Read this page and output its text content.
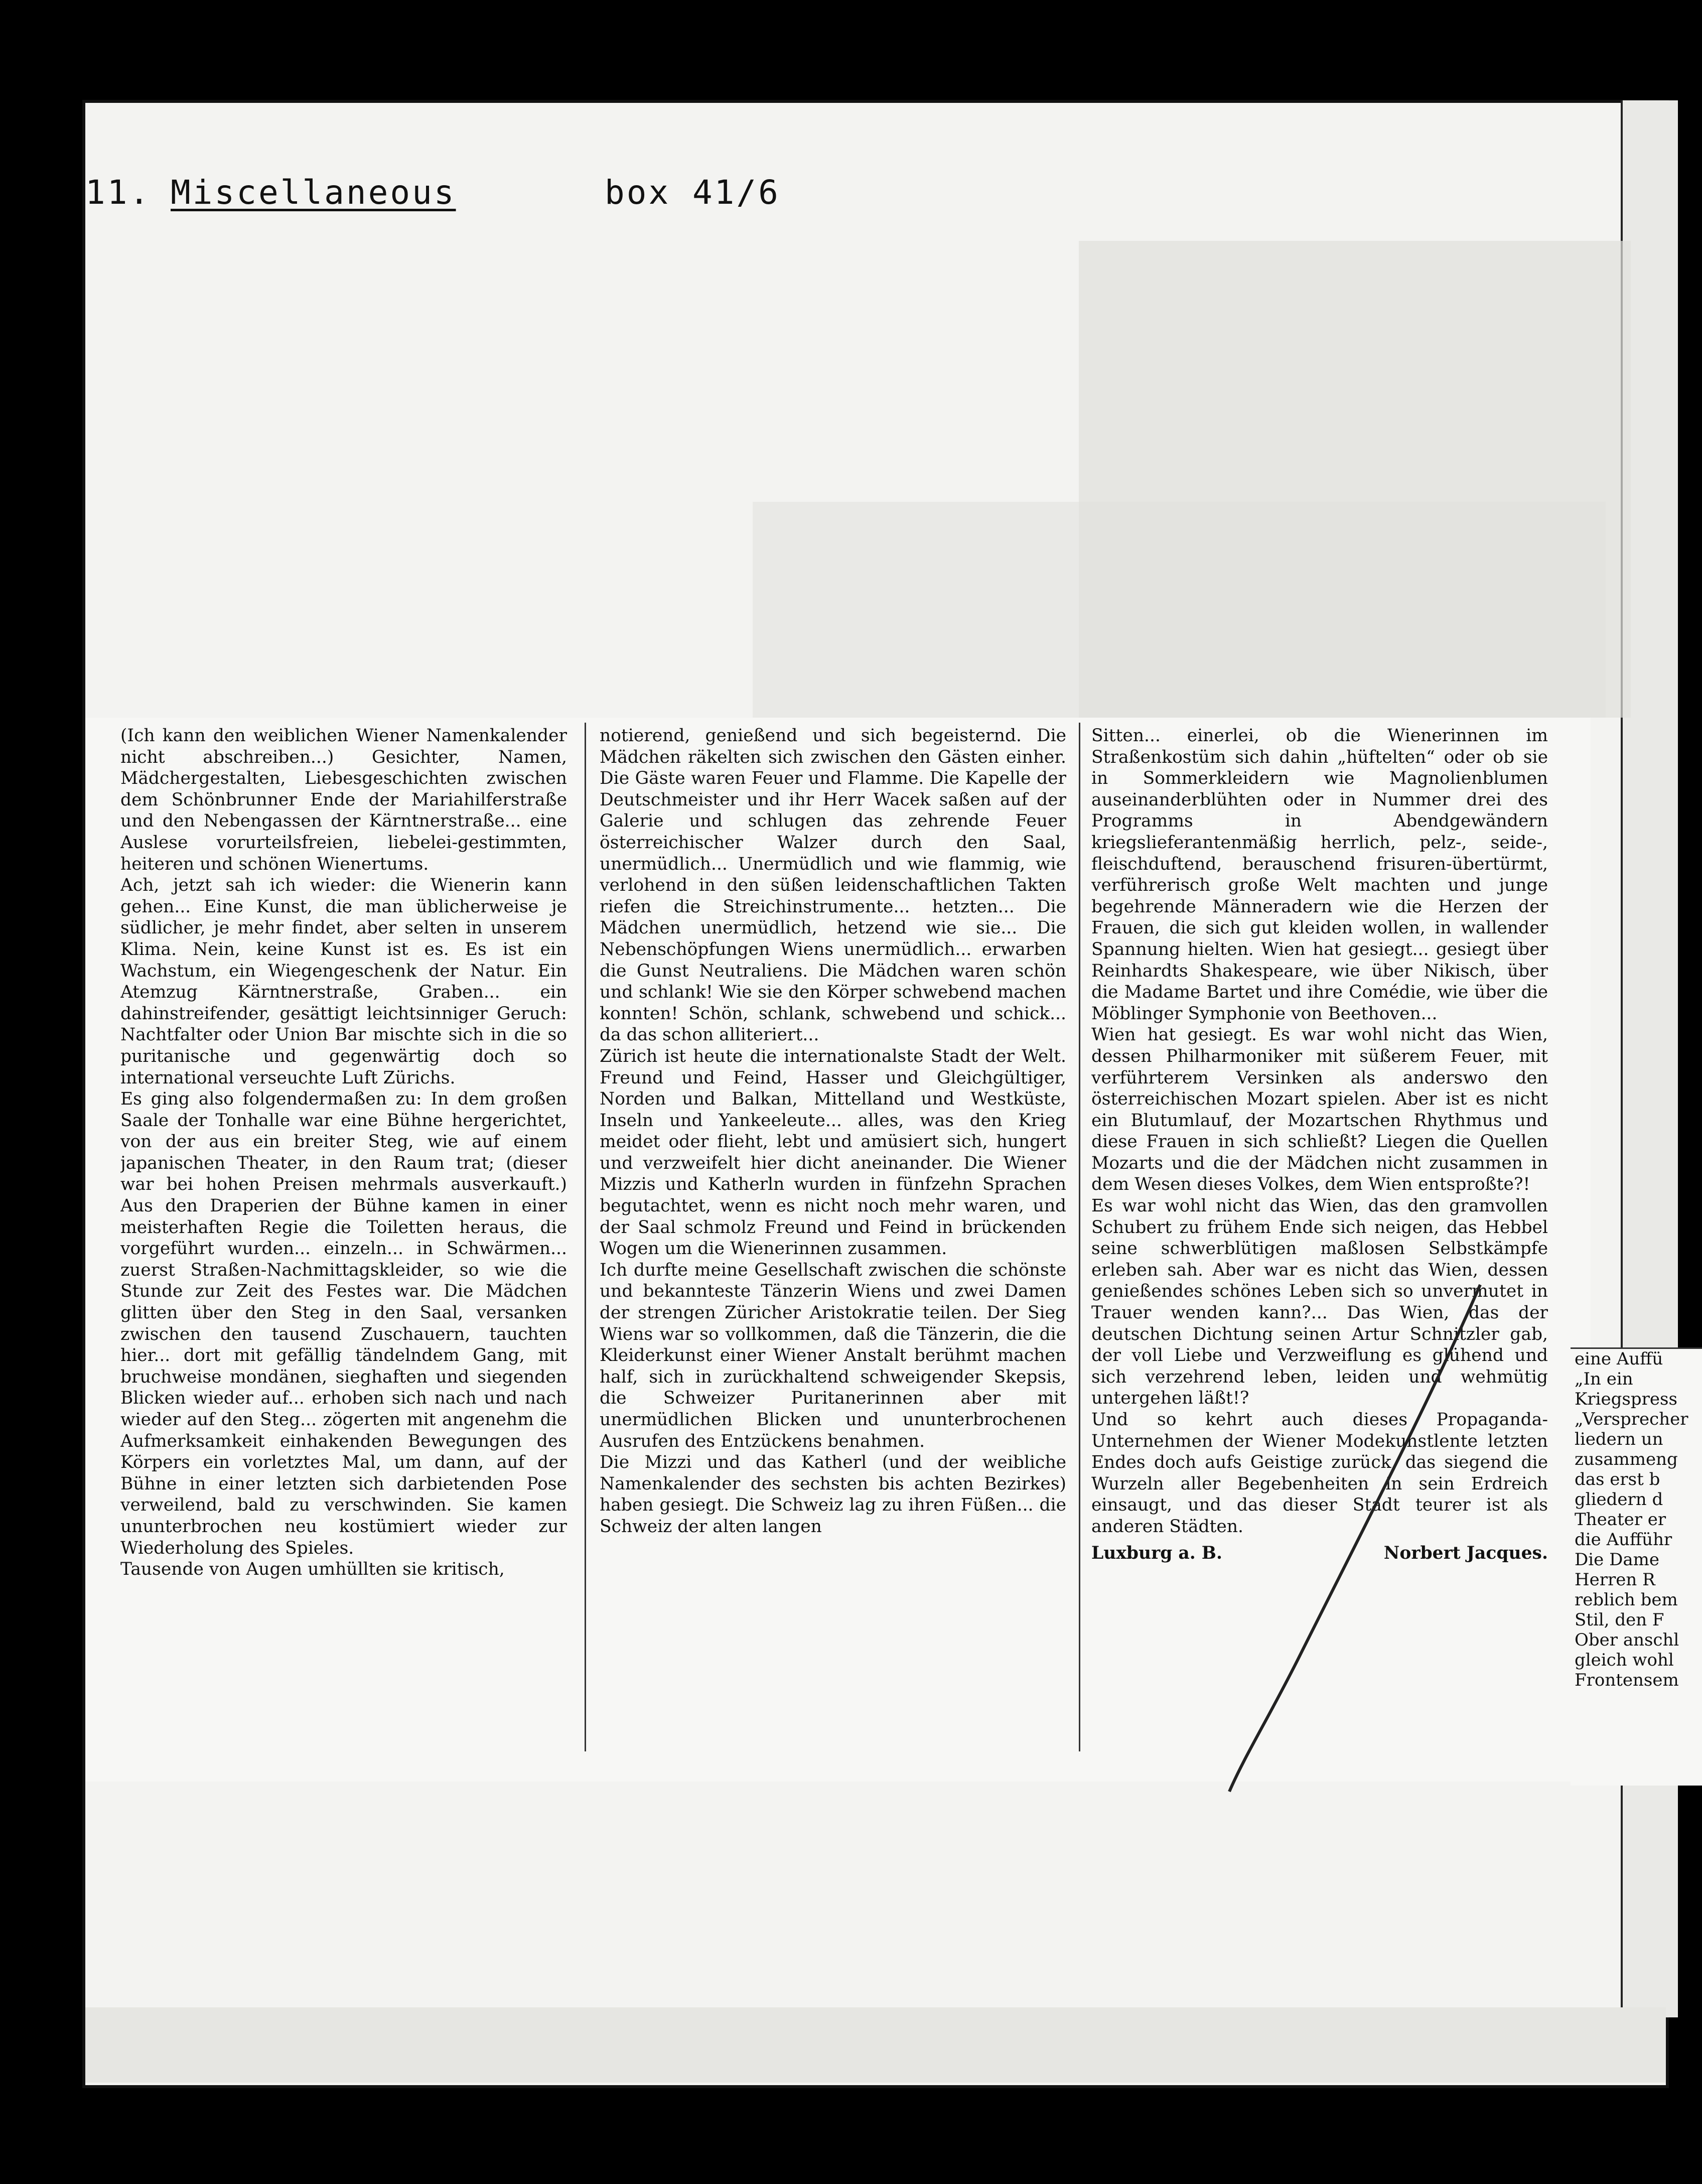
11. Miscellaneous	box 41/6

(Ich kann den weiblichen Wiener Namenkalender nicht abschreiben...) Gesichter, Namen, Mädchergestalten, Liebesgeschichten zwischen dem Schönbrunner Ende der Mariahilferstraße und den Nebengassen der Kärntnerstraße... eine Auslese vorurteilsfreien, liebelei-gestimmten, heiteren und schönen Wienertums.

Ach, jetzt sah ich wieder: die Wienerin kann gehen... Eine Kunst, die man üblicherweise je südlicher, je mehr findet, aber selten in unserem Klima. Nein, keine Kunst ist es. Es ist ein Wachstum, ein Wiegengeschenk der Natur. Ein Atemzug Kärntnerstraße, Graben... ein dahinstreifender, gesättigt leichtsinniger Geruch: Nachtfalter oder Union Bar mischte sich in die so puritanische und gegenwärtig doch so international verseuchte Luft Zürichs.

Es ging also folgendermaßen zu: In dem großen Saale der Tonhalle war eine Bühne hergerichtet, von der aus ein breiter Steg, wie auf einem japanischen Theater, in den Raum trat; (dieser war bei hohen Preisen mehrmals ausverkauft.) Aus den Draperien der Bühne kamen in einer meisterhaften Regie die Toiletten heraus, die vorgeführt wurden... einzeln... in Schwärmen... zuerst Straßen-Nachmittagskleider, so wie die Stunde zur Zeit des Festes war. Die Mädchen glitten über den Steg in den Saal, versanken zwischen den tausend Zuschauern, tauchten hier... dort mit gefällig tändelndem Gang, mit bruchweise mondänen, sieghaften und siegenden Blicken wieder auf... erhoben sich nach und nach wieder auf den Steg... zögerten mit angenehm die Aufmerksamkeit einhakenden Bewegungen des Körpers ein vorletztes Mal, um dann, auf der Bühne in einer letzten sich darbietenden Pose verweilend, bald zu verschwinden. Sie kamen ununterbrochen neu kostümiert wieder zur Wiederholung des Spieles.

Tausende von Augen umhüllten sie kritisch,

notierend, genießend und sich begeisternd. Die Mädchen räkelten sich zwischen den Gästen einher. Die Gäste waren Feuer und Flamme. Die Kapelle der Deutschmeister und ihr Herr Wacek saßen auf der Galerie und schlugen das zehrende Feuer österreichischer Walzer durch den Saal, unermüdlich... Unermüdlich und wie flammig, wie verlohend in den süßen leidenschaftlichen Takten riefen die Streichinstrumente... hetzten... Die Mädchen unermüdlich, hetzend wie sie... Die Nebenschöpfungen Wiens unermüdlich... erwarben die Gunst Neutraliens. Die Mädchen waren schön und schlank! Wie sie den Körper schwebend machen konnten! Schön, schlank, schwebend und schick... da das schon alliteriert...

Zürich ist heute die internationalste Stadt der Welt. Freund und Feind, Hasser und Gleichgültiger, Norden und Balkan, Mittelland und Westküste, Inseln und Yankeeleute... alles, was den Krieg meidet oder flieht, lebt und amüsiert sich, hungert und verzweifelt hier dicht aneinander. Die Wiener Mizzis und Katherln wurden in fünfzehn Sprachen begutachtet, wenn es nicht noch mehr waren, und der Saal schmolz Freund und Feind in brückenden Wogen um die Wienerinnen zusammen.

Ich durfte meine Gesellschaft zwischen die schönste und bekannteste Tänzerin Wiens und zwei Damen der strengen Züricher Aristokratie teilen. Der Sieg Wiens war so vollkommen, daß die Tänzerin, die die Kleiderkunst einer Wiener Anstalt berühmt machen half, sich in zurückhaltend schweigender Skepsis, die Schweizer Puritanerinnen aber mit unermüdlichen Blicken und ununterbrochenen Ausrufen des Entzückens benahmen.

Die Mizzi und das Katherl (und der weibliche Namenkalender des sechsten bis achten Bezirkes) haben gesiegt. Die Schweiz lag zu ihren Füßen... die Schweiz der alten langen

Sitten... einerlei, ob die Wienerinnen im Straßenkostüm sich dahin „hüftelten“ oder ob sie in Sommerkleidern wie Magnolienblumen auseinanderblühten oder in Nummer drei des Programms in Abendgewändern kriegslieferantenmäßig herrlich, pelz-, seide-, fleischduftend, berauschend frisuren-übertürmt, verführerisch große Welt machten und junge begehrende Männeradern wie die Herzen der Frauen, die sich gut kleiden wollen, in wallender Spannung hielten. Wien hat gesiegt... gesiegt über Reinhardts Shakespeare, wie über Nikisch, über die Madame Bartet und ihre Comédie, wie über die Möblinger Symphonie von Beethoven...

Wien hat gesiegt. Es war wohl nicht das Wien, dessen Philharmoniker mit süßerem Feuer, mit verführterem Versinken als anderswo den österreichischen Mozart spielen. Aber ist es nicht ein Blutumlauf, der Mozartschen Rhythmus und diese Frauen in sich schließt? Liegen die Quellen Mozarts und die der Mädchen nicht zusammen in dem Wesen dieses Volkes, dem Wien entsproßte?!

Es war wohl nicht das Wien, das den gramvollen Schubert zu frühem Ende sich neigen, das Hebbel seine schwerblütigen maßlosen Selbstkämpfe erleben sah. Aber war es nicht das Wien, dessen genießendes schönes Leben sich so unvermutet in Trauer wenden kann?... Das Wien, das der deutschen Dichtung seinen Artur Schnitzler gab, der voll Liebe und Verzweiflung es glühend und sich verzehrend leben, leiden und wehmütig untergehen läßt!?

Und so kehrt auch dieses Propaganda-Unternehmen der Wiener Modekunstlente letzten Endes doch aufs Geistige zurück, das siegend die Wurzeln aller Begebenheiten in sein Erdreich einsaugt, und das dieser Stadt teurer ist als anderen Städten.

Luxburg a. B.	Norbert Jacques.
eine Auffü
„In ein
Kriegspress
„Versprecher
liedern un
zusammeng
das erst b
gliedern d
Theater er
die Aufführ
Die Dame
Herren R
reblich bem
Stil, den F
Ober anschl
gleich wohl
Frontensem
